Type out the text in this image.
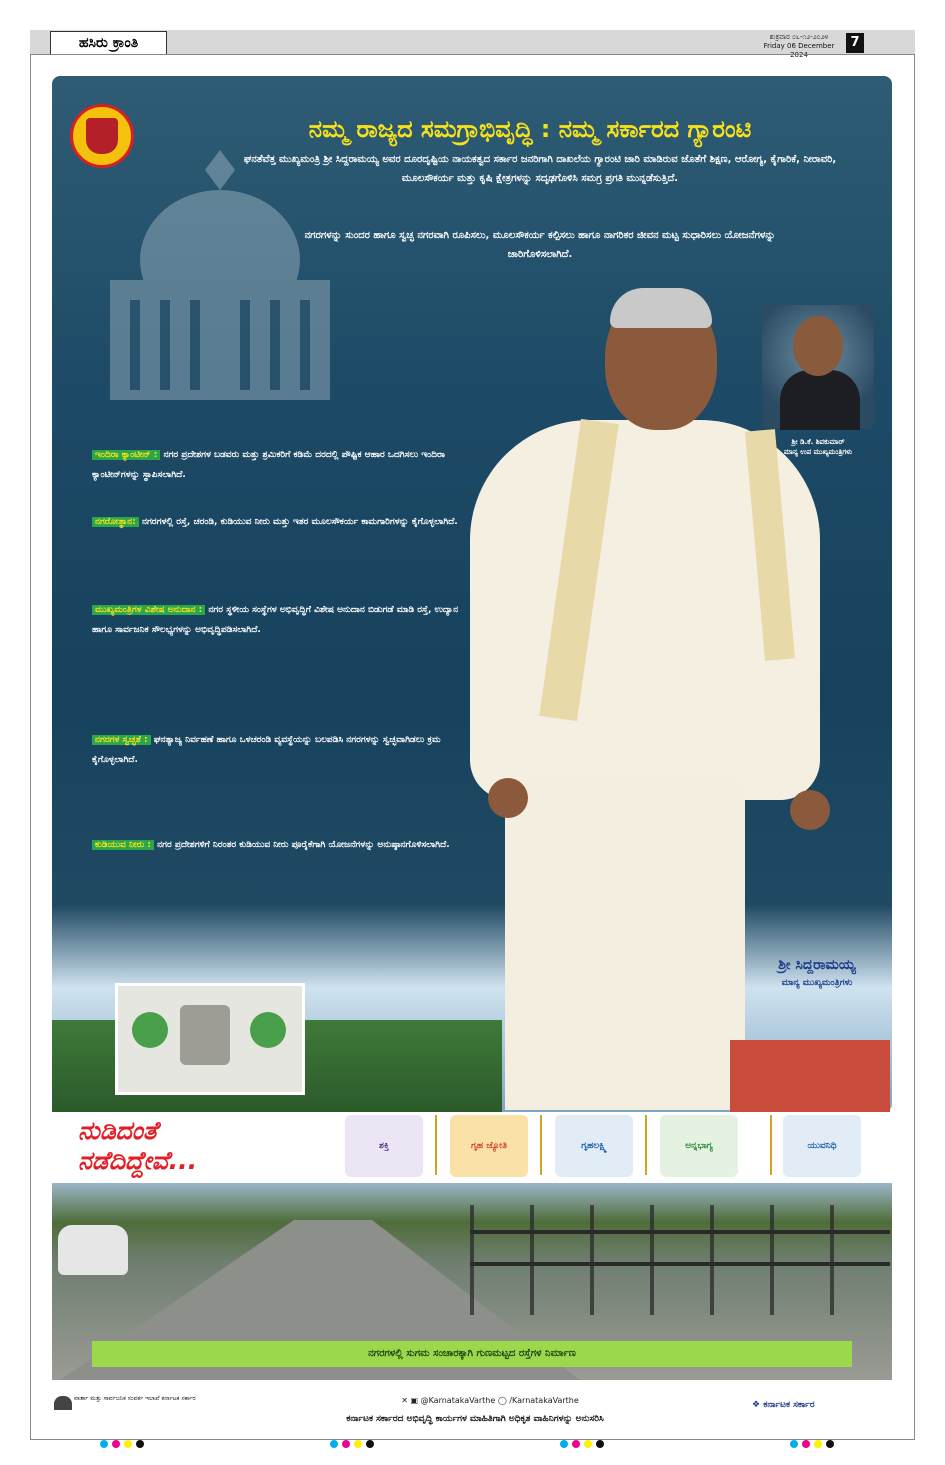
ಹಸಿರು ಕ್ರಾಂತಿ	ಶುಕ್ರವಾರ ೦೬-೧೨-೨೦೨೪
Friday 06 December 2024
7
ನಮ್ಮ ರಾಜ್ಯದ ಸಮಗ್ರಾಭಿವೃದ್ಧಿ : ನಮ್ಮ ಸರ್ಕಾರದ ಗ್ಯಾರಂಟಿ
ಘನತೆವೆತ್ತ ಮುಖ್ಯಮಂತ್ರಿ ಶ್ರೀ ಸಿದ್ದರಾಮಯ್ಯ ಅವರ ದೂರದೃಷ್ಟಿಯ ನಾಯಕತ್ವದ ಸರ್ಕಾರ ಜನರಿಗಾಗಿ ದಾಖಲೆಯ ಗ್ಯಾರಂಟಿ ಜಾರಿ ಮಾಡಿರುವ ಜೊತೆಗೆ ಶಿಕ್ಷಣ, ಆರೋಗ್ಯ, ಕೈಗಾರಿಕೆ, ನೀರಾವರಿ, ಮೂಲಸೌಕರ್ಯ ಮತ್ತು ಕೃಷಿ ಕ್ಷೇತ್ರಗಳನ್ನು ಸದೃಢಗೊಳಿಸಿ ಸಮಗ್ರ ಪ್ರಗತಿ ಮುನ್ನಡೆಸುತ್ತಿದೆ.
ನಗರಗಳನ್ನು ಸುಂದರ ಹಾಗೂ ಸ್ವಚ್ಛ ನಗರವಾಗಿ ರೂಪಿಸಲು, ಮೂಲಸೌಕರ್ಯ ಕಲ್ಪಿಸಲು ಹಾಗೂ ನಾಗರಿಕರ ಜೀವನ ಮಟ್ಟ ಸುಧಾರಿಸಲು ಯೋಜನೆಗಳನ್ನು ಜಾರಿಗೊಳಿಸಲಾಗಿದೆ.
ಶ್ರೀ ಡಿ.ಕೆ. ಶಿವಕುಮಾರ್
ಮಾನ್ಯ ಉಪ ಮುಖ್ಯಮಂತ್ರಿಗಳು
ಇಂದಿರಾ ಕ್ಯಾಂಟೀನ್ : ನಗರ ಪ್ರದೇಶಗಳ ಬಡವರು ಮತ್ತು ಶ್ರಮಿಕರಿಗೆ ಕಡಿಮೆ ದರದಲ್ಲಿ ಪೌಷ್ಟಿಕ ಆಹಾರ ಒದಗಿಸಲು ಇಂದಿರಾ ಕ್ಯಾಂಟೀನ್‌ಗಳನ್ನು ಸ್ಥಾಪಿಸಲಾಗಿದೆ.
ನಗರೋತ್ಥಾನ: ನಗರಗಳಲ್ಲಿ ರಸ್ತೆ, ಚರಂಡಿ, ಕುಡಿಯುವ ನೀರು ಮತ್ತು ಇತರ ಮೂಲಸೌಕರ್ಯ ಕಾಮಗಾರಿಗಳನ್ನು ಕೈಗೊಳ್ಳಲಾಗಿದೆ.
ಮುಖ್ಯಮಂತ್ರಿಗಳ ವಿಶೇಷ ಅನುದಾನ : ನಗರ ಸ್ಥಳೀಯ ಸಂಸ್ಥೆಗಳ ಅಭಿವೃದ್ಧಿಗೆ ವಿಶೇಷ ಅನುದಾನ ಬಿಡುಗಡೆ ಮಾಡಿ ರಸ್ತೆ, ಉದ್ಯಾನ ಹಾಗೂ ಸಾರ್ವಜನಿಕ ಸೌಲಭ್ಯಗಳನ್ನು ಅಭಿವೃದ್ಧಿಪಡಿಸಲಾಗಿದೆ.
ನಗರಗಳ ಸ್ವಚ್ಛತೆ : ಘನತ್ಯಾಜ್ಯ ನಿರ್ವಹಣೆ ಹಾಗೂ ಒಳಚರಂಡಿ ವ್ಯವಸ್ಥೆಯನ್ನು ಬಲಪಡಿಸಿ ನಗರಗಳನ್ನು ಸ್ವಚ್ಛವಾಗಿಡಲು ಕ್ರಮ ಕೈಗೊಳ್ಳಲಾಗಿದೆ.
ಕುಡಿಯುವ ನೀರು : ನಗರ ಪ್ರದೇಶಗಳಿಗೆ ನಿರಂತರ ಕುಡಿಯುವ ನೀರು ಪೂರೈಕೆಗಾಗಿ ಯೋಜನೆಗಳನ್ನು ಅನುಷ್ಠಾನಗೊಳಿಸಲಾಗಿದೆ.
ಶ್ರೀ ಸಿದ್ದರಾಮಯ್ಯ
ಮಾನ್ಯ ಮುಖ್ಯಮಂತ್ರಿಗಳು
ನುಡಿದಂತೆ
ನಡೆದಿದ್ದೇವೆ...	ಶಕ್ತಿ	ಗೃಹ ಜ್ಯೋತಿ	ಗೃಹಲಕ್ಷ್ಮಿ	ಅನ್ನಭಾಗ್ಯ	ಯುವನಿಧಿ
ನಗರಗಳಲ್ಲಿ ಸುಗಮ ಸಂಚಾರಕ್ಕಾಗಿ ಗುಣಮಟ್ಟದ ರಸ್ತೆಗಳ ನಿರ್ಮಾಣ
ವಾರ್ತಾ ಮತ್ತು ಸಾರ್ವಜನಿಕ ಸಂಪರ್ಕ ಇಲಾಖೆ ಕರ್ನಾಟಕ ಸರ್ಕಾರ	✕ ▣ @KarnatakaVarthe ◯ /KarnatakaVarthe
ಕರ್ನಾಟಕ ಸರ್ಕಾರದ ಅಭಿವೃದ್ಧಿ ಕಾರ್ಯಗಳ ಮಾಹಿತಿಗಾಗಿ ಅಧಿಕೃತ ವಾಹಿನಿಗಳನ್ನು ಅನುಸರಿಸಿ
❖ ಕರ್ನಾಟಕ ಸರ್ಕಾರ
